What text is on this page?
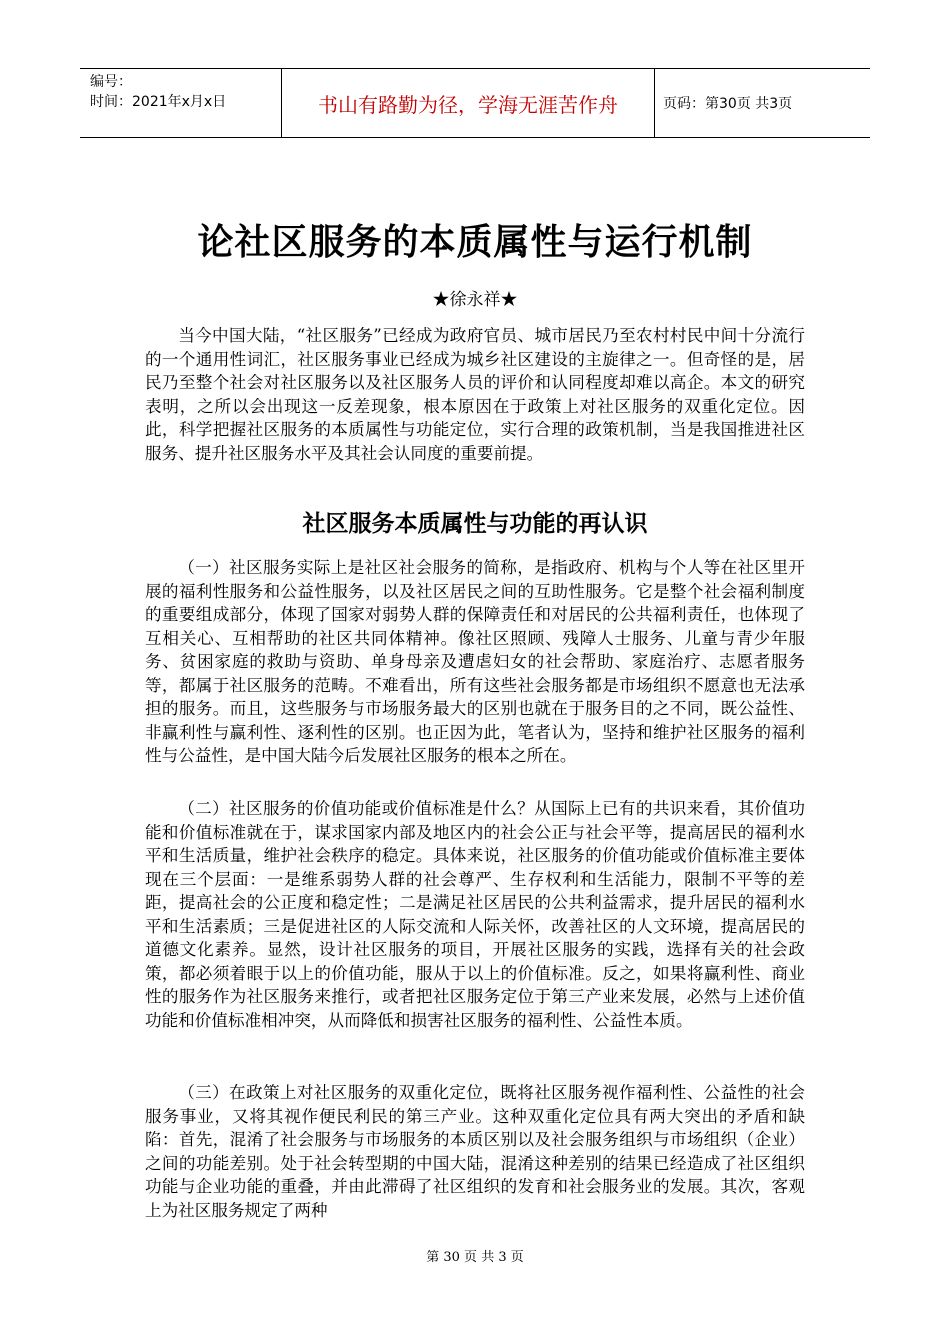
编号：
时间：2021年x月x日	书山有路勤为径，学海无涯苦作舟	页码：第30页 共3页
论社区服务的本质属性与运行机制
★徐永祥★

当今中国大陆，“社区服务”已经成为政府官员、城市居民乃至农村村民中间十分流行的一个通用性词汇，社区服务事业已经成为城乡社区建设的主旋律之一。但奇怪的是，居民乃至整个社会对社区服务以及社区服务人员的评价和认同程度却难以高企。本文的研究表明，之所以会出现这一反差现象，根本原因在于政策上对社区服务的双重化定位。因此，科学把握社区服务的本质属性与功能定位，实行合理的政策机制，当是我国推进社区服务、提升社区服务水平及其社会认同度的重要前提。

社区服务本质属性与功能的再认识

（一）社区服务实际上是社区社会服务的简称，是指政府、机构与个人等在社区里开展的福利性服务和公益性服务，以及社区居民之间的互助性服务。它是整个社会福利制度的重要组成部分，体现了国家对弱势人群的保障责任和对居民的公共福利责任，也体现了互相关心、互相帮助的社区共同体精神。像社区照顾、残障人士服务、儿童与青少年服务、贫困家庭的救助与资助、单身母亲及遭虐妇女的社会帮助、家庭治疗、志愿者服务等，都属于社区服务的范畴。不难看出，所有这些社会服务都是市场组织不愿意也无法承担的服务。而且，这些服务与市场服务最大的区别也就在于服务目的之不同，既公益性、非赢利性与赢利性、逐利性的区别。也正因为此，笔者认为，坚持和维护社区服务的福利性与公益性，是中国大陆今后发展社区服务的根本之所在。

（二）社区服务的价值功能或价值标准是什么？从国际上已有的共识来看，其价值功能和价值标准就在于，谋求国家内部及地区内的社会公正与社会平等，提高居民的福利水平和生活质量，维护社会秩序的稳定。具体来说，社区服务的价值功能或价值标准主要体现在三个层面：一是维系弱势人群的社会尊严、生存权利和生活能力，限制不平等的差距，提高社会的公正度和稳定性；二是满足社区居民的公共利益需求，提升居民的福利水平和生活素质；三是促进社区的人际交流和人际关怀，改善社区的人文环境，提高居民的道德文化素养。显然，设计社区服务的项目，开展社区服务的实践，选择有关的社会政策，都必须着眼于以上的价值功能，服从于以上的价值标准。反之，如果将赢利性、商业性的服务作为社区服务来推行，或者把社区服务定位于第三产业来发展，必然与上述价值功能和价值标准相冲突，从而降低和损害社区服务的福利性、公益性本质。

（三）在政策上对社区服务的双重化定位，既将社区服务视作福利性、公益性的社会服务事业，又将其视作便民利民的第三产业。这种双重化定位具有两大突出的矛盾和缺陷：首先，混淆了社会服务与市场服务的本质区别以及社会服务组织与市场组织（企业）之间的功能差别。处于社会转型期的中国大陆，混淆这种差别的结果已经造成了社区组织功能与企业功能的重叠，并由此滞碍了社区组织的发育和社会服务业的发展。其次，客观上为社区服务规定了两种

第 30 页 共 3 页
